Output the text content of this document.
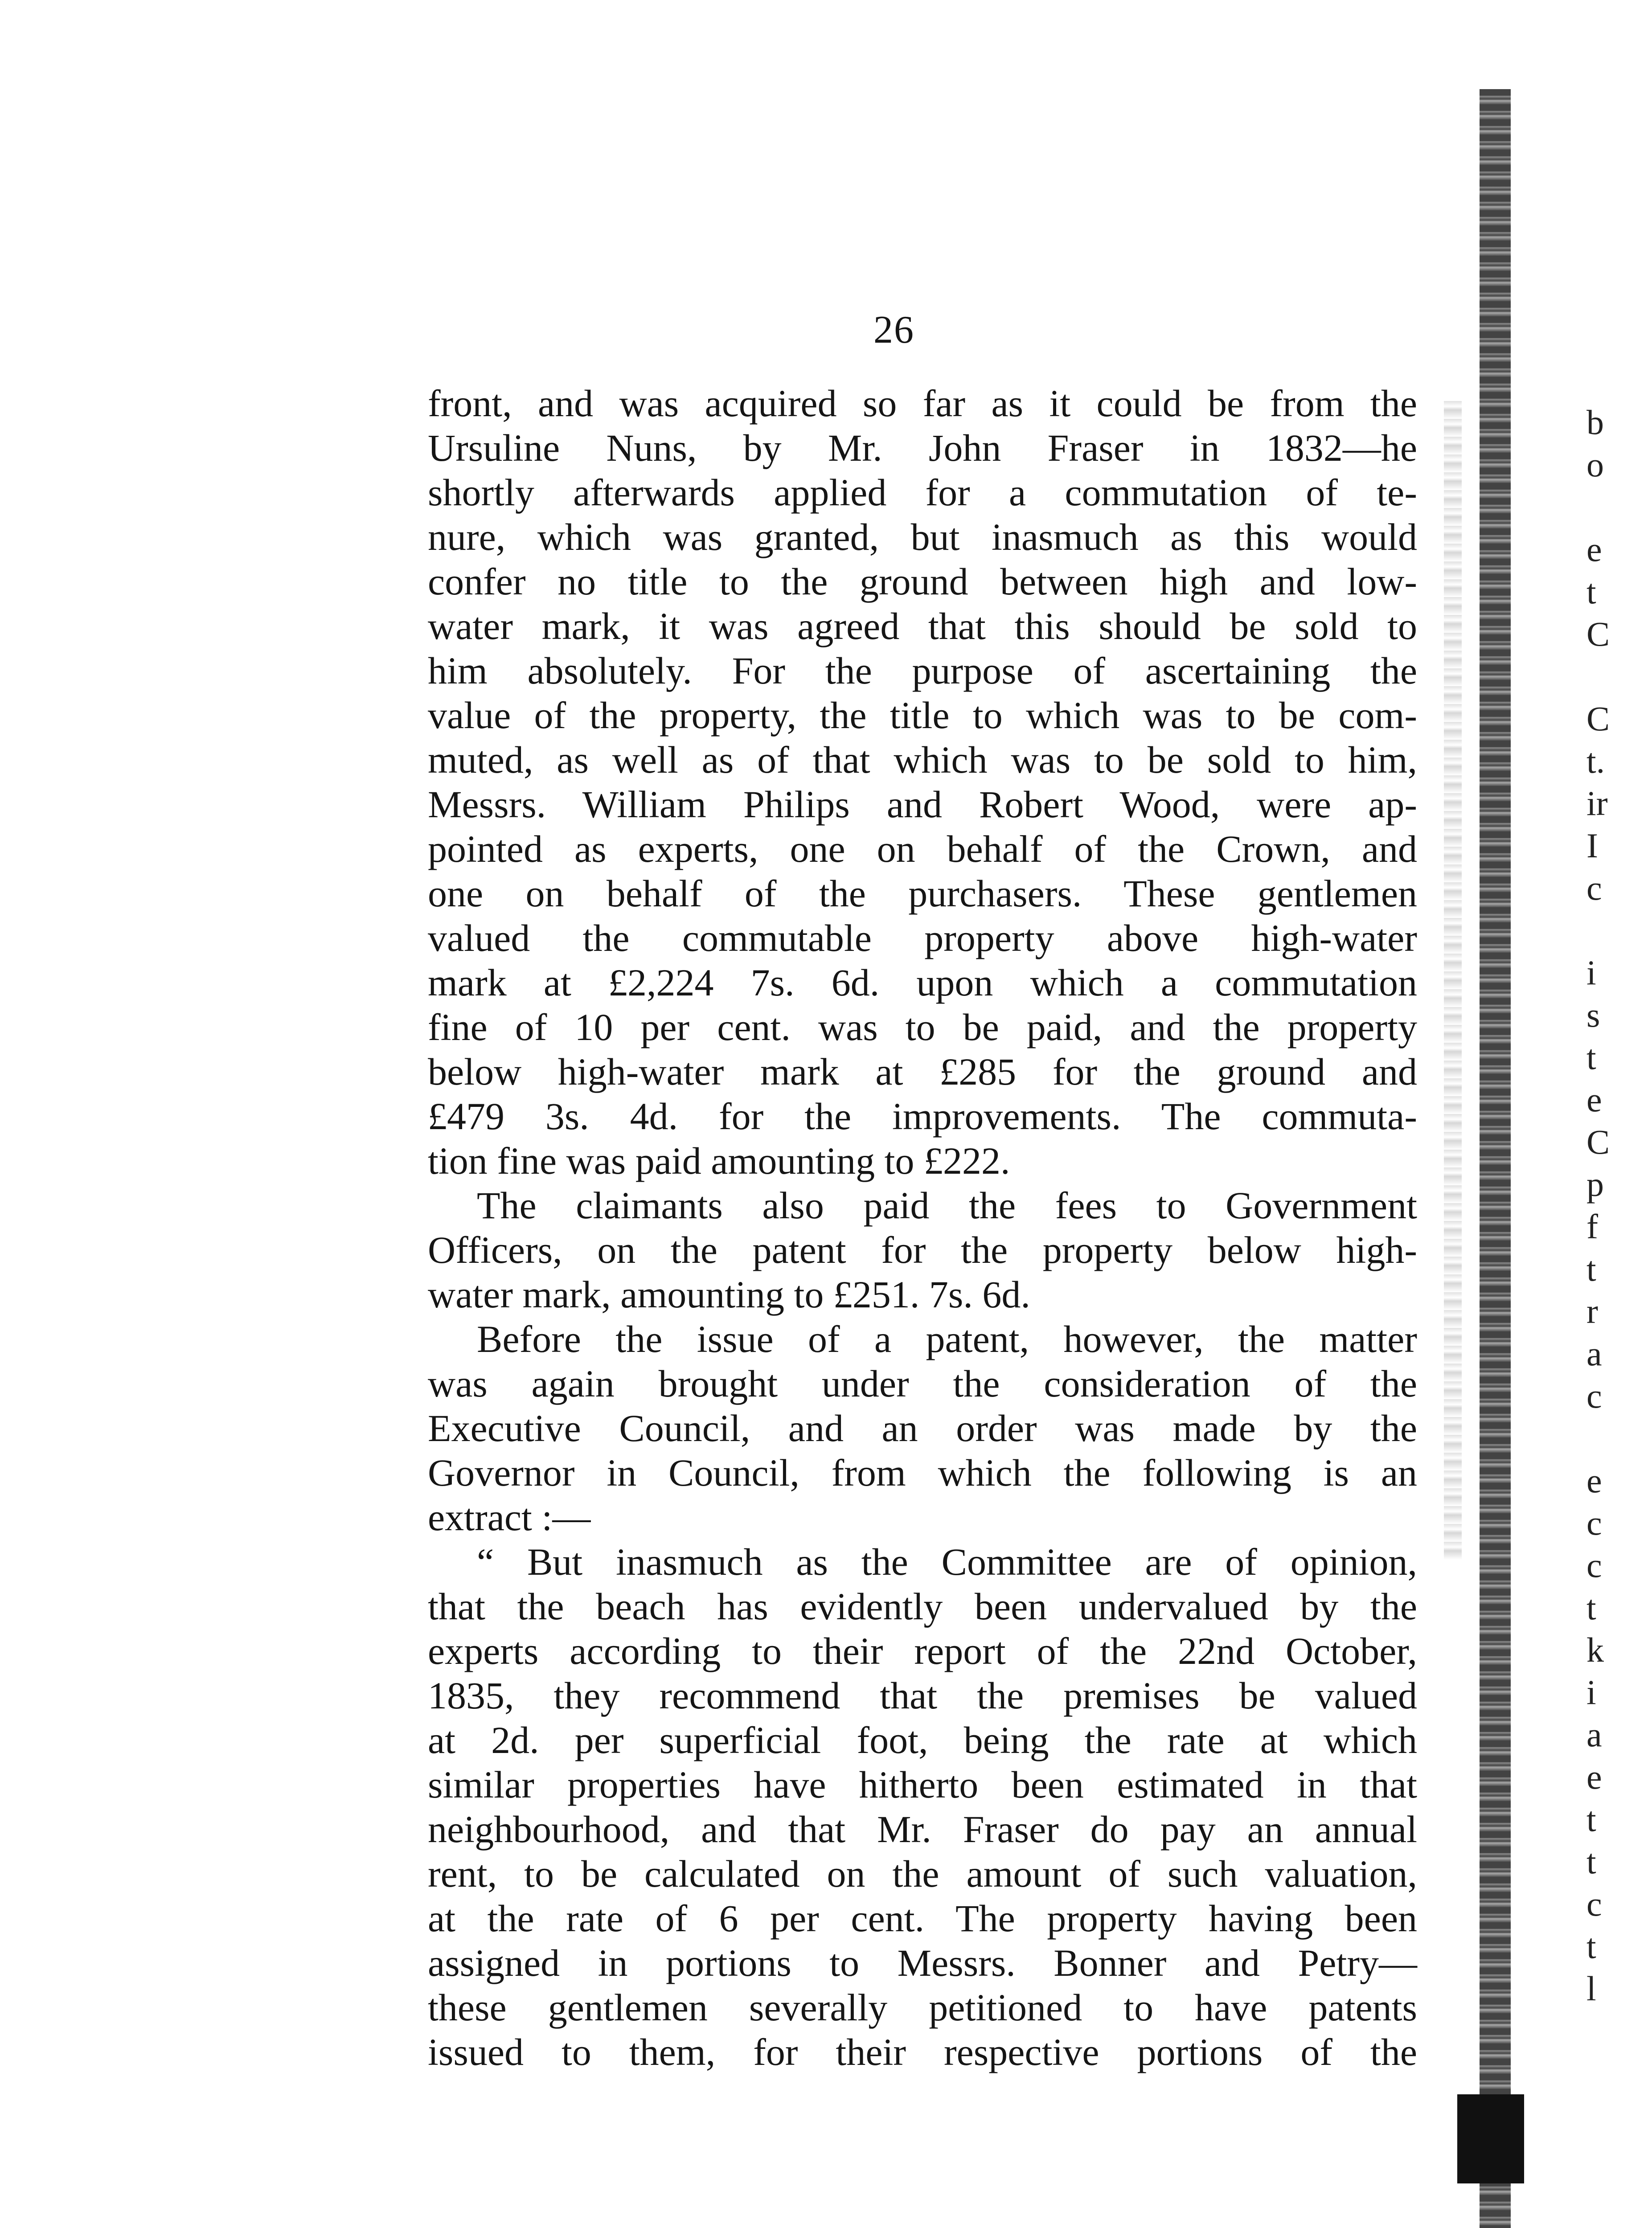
26
front, and was acquired so far as it could be from the
Ursuline Nuns, by Mr. John Fraser in 1832—he
shortly afterwards applied for a commutation of te-
nure, which was granted, but inasmuch as this would
confer no title to the ground between high and low-
water mark, it was agreed that this should be sold to
him absolutely. For the purpose of ascertaining the
value of the property, the title to which was to be com-
muted, as well as of that which was to be sold to him,
Messrs. William Philips and Robert Wood, were ap-
pointed as experts, one on behalf of the Crown, and
one on behalf of the purchasers. These gentlemen
valued the commutable property above high-water
mark at £2,224 7s. 6d. upon which a commutation
fine of 10 per cent. was to be paid, and the property
below high-water mark at £285 for the ground and
£479 3s. 4d. for the improvements. The commuta-
tion fine was paid amounting to £222.
The claimants also paid the fees to Government
Officers, on the patent for the property below high-
water mark, amounting to £251. 7s. 6d.
Before the issue of a patent, however, the matter
was again brought under the consideration of the
Executive Council, and an order was made by the
Governor in Council, from which the following is an
extract :—
“ But inasmuch as the Committee are of opinion,
that the beach has evidently been undervalued by the
experts according to their report of the 22nd October,
1835, they recommend that the premises be valued
at 2d. per superficial foot, being the rate at which
similar properties have hitherto been estimated in that
neighbourhood, and that Mr. Fraser do pay an annual
rent, to be calculated on the amount of such valuation,
at the rate of 6 per cent. The property having been
assigned in portions to Messrs. Bonner and Petry—
these gentlemen severally petitioned to have patents
issued to them, for their respective portions of the
b
o
e
t
C
C
t.
ir
I
c
i
s
t
e
C
p
f
t
r
a
c
e
c
c
t
k
i
a
e
t
t
c
t
l
